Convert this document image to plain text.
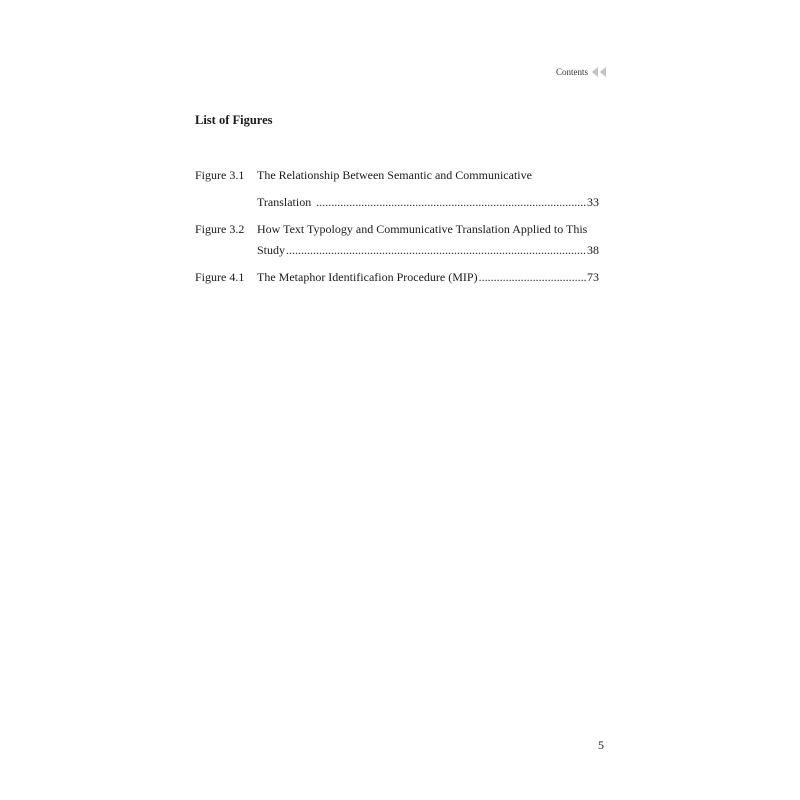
Contents
List of Figures
Figure 3.1 The Relationship Between Semantic and Communicative
Translation .....	33
Figure 3.2 How Text Typology and Communicative Translation Applied to This
Study .....	38
Figure 4.1 The Metaphor Identificafion Procedure (MIP) .....	73
5
